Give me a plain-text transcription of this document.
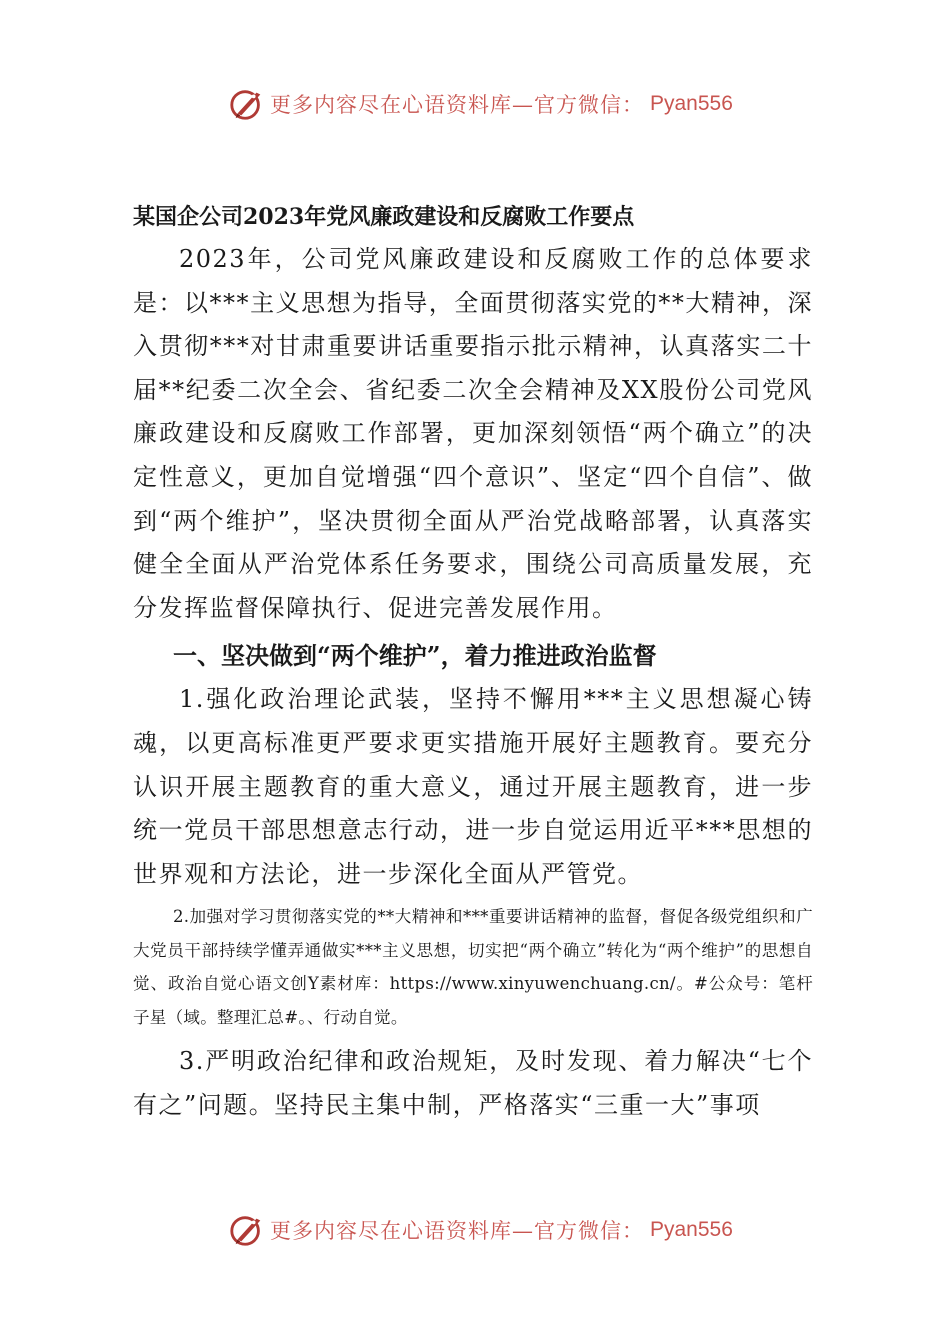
更多内容尽在心语资料库—官方微信： Pyan556
某国企公司2023年党风廉政建设和反腐败工作要点

2023年，公司党风廉政建设和反腐败工作的总体要求是：以***主义思想为指导，全面贯彻落实党的**大精神，深入贯彻***对甘肃重要讲话重要指示批示精神，认真落实二十届**纪委二次全会、省纪委二次全会精神及XX股份公司党风廉政建设和反腐败工作部署，更加深刻领悟“两个确立”的决定性意义，更加自觉增强“四个意识”、坚定“四个自信”、做到“两个维护”，坚决贯彻全面从严治党战略部署，认真落实健全全面从严治党体系任务要求，围绕公司高质量发展，充分发挥监督保障执行、促进完善发展作用。

一、坚决做到“两个维护”，着力推进政治监督

1.强化政治理论武装，坚持不懈用***主义思想凝心铸魂，以更高标准更严要求更实措施开展好主题教育。要充分认识开展主题教育的重大意义，通过开展主题教育，进一步统一党员干部思想意志行动，进一步自觉运用近平***思想的世界观和方法论，进一步深化全面从严管党。

2.加强对学习贯彻落实党的**大精神和***重要讲话精神的监督，督促各级党组织和广大党员干部持续学懂弄通做实***主义思想，切实把“两个确立”转化为“两个维护”的思想自觉、政治自觉心语文创Y素材库：https://www.xinyuwenchuang.cn/。#公众号：笔杆子星（域。整理汇总#。、行动自觉。

3.严明政治纪律和政治规矩，及时发现、着力解决“七个有之”问题。坚持民主集中制，严格落实“三重一大”事项

更多内容尽在心语资料库—官方微信： Pyan556
